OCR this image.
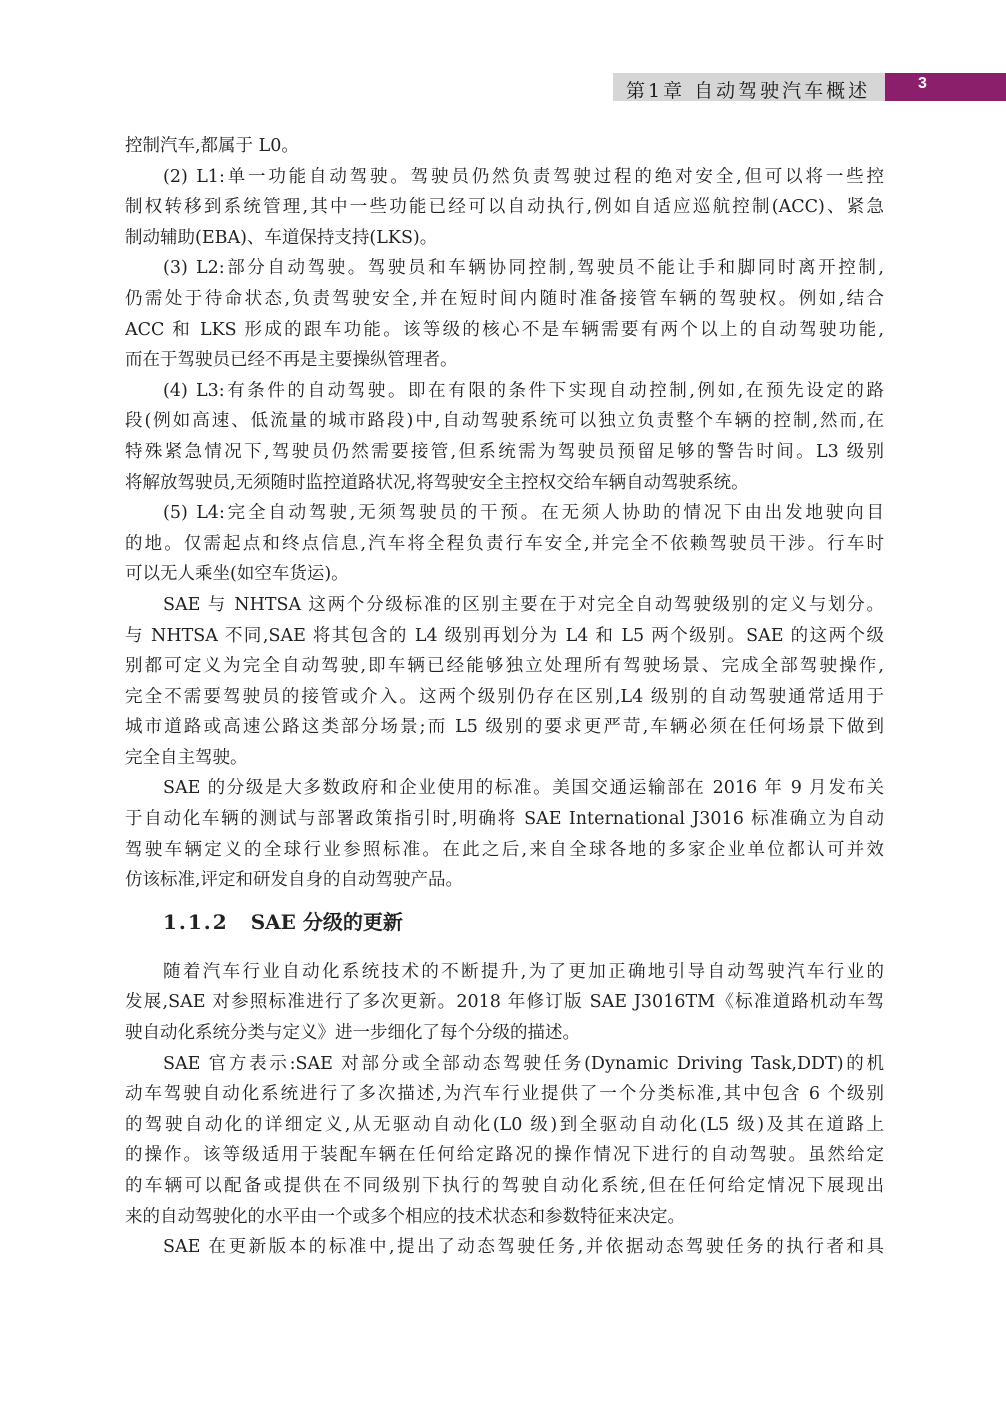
第1章 自动驾驶汽车概述	3
控制汽车,都属于 L0。
(2) L1:单一功能自动驾驶。驾驶员仍然负责驾驶过程的绝对安全,但可以将一些控
制权转移到系统管理,其中一些功能已经可以自动执行,例如自适应巡航控制(ACC)、紧急
制动辅助(EBA)、车道保持支持(LKS)。
(3) L2:部分自动驾驶。驾驶员和车辆协同控制,驾驶员不能让手和脚同时离开控制,
仍需处于待命状态,负责驾驶安全,并在短时间内随时准备接管车辆的驾驶权。例如,结合
ACC 和 LKS 形成的跟车功能。该等级的核心不是车辆需要有两个以上的自动驾驶功能,
而在于驾驶员已经不再是主要操纵管理者。
(4) L3:有条件的自动驾驶。即在有限的条件下实现自动控制,例如,在预先设定的路
段(例如高速、低流量的城市路段)中,自动驾驶系统可以独立负责整个车辆的控制,然而,在
特殊紧急情况下,驾驶员仍然需要接管,但系统需为驾驶员预留足够的警告时间。L3 级别
将解放驾驶员,无须随时监控道路状况,将驾驶安全主控权交给车辆自动驾驶系统。
(5) L4:完全自动驾驶,无须驾驶员的干预。在无须人协助的情况下由出发地驶向目
的地。仅需起点和终点信息,汽车将全程负责行车安全,并完全不依赖驾驶员干涉。行车时
可以无人乘坐(如空车货运)。
SAE 与 NHTSA 这两个分级标准的区别主要在于对完全自动驾驶级别的定义与划分。
与 NHTSA 不同,SAE 将其包含的 L4 级别再划分为 L4 和 L5 两个级别。SAE 的这两个级
别都可定义为完全自动驾驶,即车辆已经能够独立处理所有驾驶场景、完成全部驾驶操作,
完全不需要驾驶员的接管或介入。这两个级别仍存在区别,L4 级别的自动驾驶通常适用于
城市道路或高速公路这类部分场景;而 L5 级别的要求更严苛,车辆必须在任何场景下做到
完全自主驾驶。
SAE 的分级是大多数政府和企业使用的标准。美国交通运输部在 2016 年 9 月发布关
于自动化车辆的测试与部署政策指引时,明确将 SAE International J3016 标准确立为自动
驾驶车辆定义的全球行业参照标准。在此之后,来自全球各地的多家企业单位都认可并效
仿该标准,评定和研发自身的自动驾驶产品。
1.1.2 SAE 分级的更新
随着汽车行业自动化系统技术的不断提升,为了更加正确地引导自动驾驶汽车行业的
发展,SAE 对参照标准进行了多次更新。2018 年修订版 SAE J3016TM《标准道路机动车驾
驶自动化系统分类与定义》进一步细化了每个分级的描述。
SAE 官方表示:SAE 对部分或全部动态驾驶任务(Dynamic Driving Task,DDT)的机
动车驾驶自动化系统进行了多次描述,为汽车行业提供了一个分类标准,其中包含 6 个级别
的驾驶自动化的详细定义,从无驱动自动化(L0 级)到全驱动自动化(L5 级)及其在道路上
的操作。该等级适用于装配车辆在任何给定路况的操作情况下进行的自动驾驶。虽然给定
的车辆可以配备或提供在不同级别下执行的驾驶自动化系统,但在任何给定情况下展现出
来的自动驾驶化的水平由一个或多个相应的技术状态和参数特征来决定。
SAE 在更新版本的标准中,提出了动态驾驶任务,并依据动态驾驶任务的执行者和具
